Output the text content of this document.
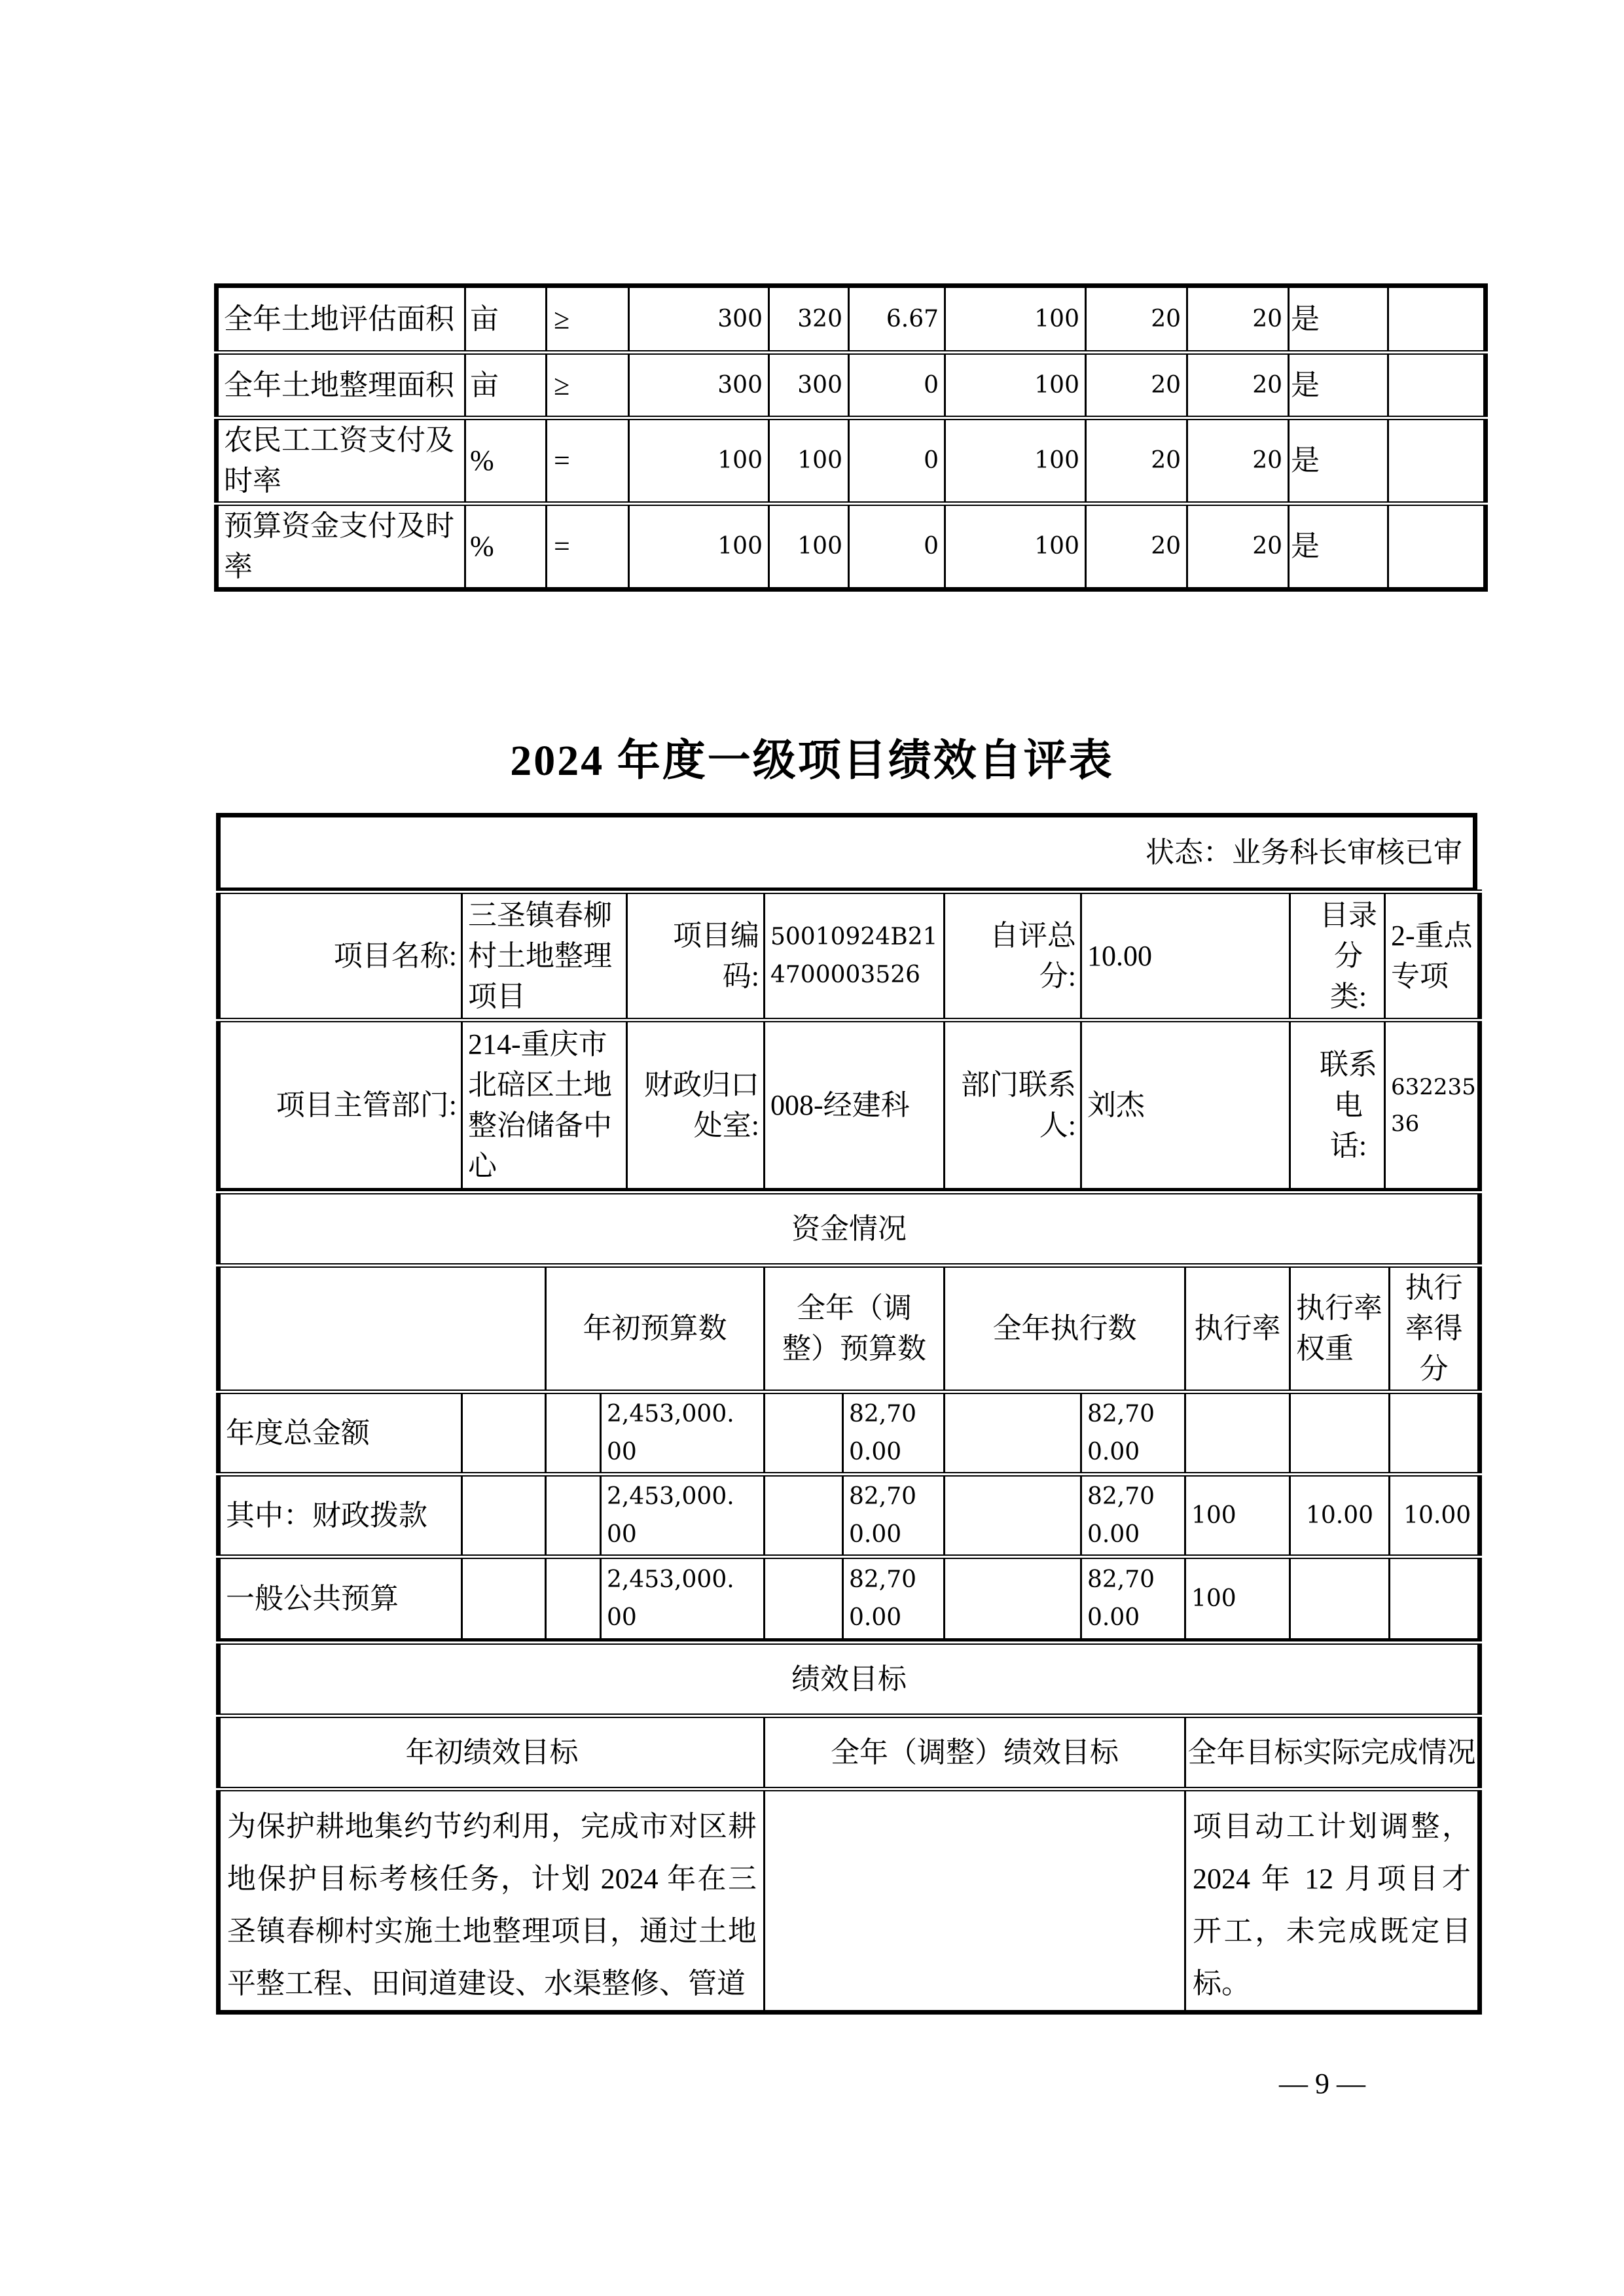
全年土地评估面积	亩	≥	300	320	6.67	100	20	20	是	
全年土地整理面积	亩	≥	300	300	0	100	20	20	是	
农民工工资支付及时率	%	=	100	100	0	100	20	20	是	
预算资金支付及时率	%	=	100	100	0	100	20	20	是	
2024 年度一级项目绩效自评表
状态：业务科长审核已审
项目名称:	三圣镇春柳村土地整理项目	项目编码:	50010924B214700003526	自评总分:	10.00	目录分类:	2-重点专项
项目主管部门:	214-重庆市北碚区土地整治储备中心	财政归口处室:	008-经建科	部门联系人:	刘杰	联系电话:	63223536
资金情况										
		年初预算数		全年（调整）预算数		全年执行数		执行率	执行率权重	执行率得分
年度总金额			2,453,000.00		82,700.00		82,700.00			
其中：财政拨款			2,453,000.00		82,700.00		82,700.00	100	10.00	10.00
一般公共预算			2,453,000.00		82,700.00		82,700.00	100		
绩效目标		
年初绩效目标	全年（调整）绩效目标	全年目标实际完成情况
为保护耕地集约节约利用，完成市对区耕地保护目标考核任务，计划 2024 年在三圣镇春柳村实施土地整理项目，通过土地平整工程、田间道建设、水渠整修、管道		项目动工计划调整，2024 年 12 月项目才开工，未完成既定目标。
— 9 —
